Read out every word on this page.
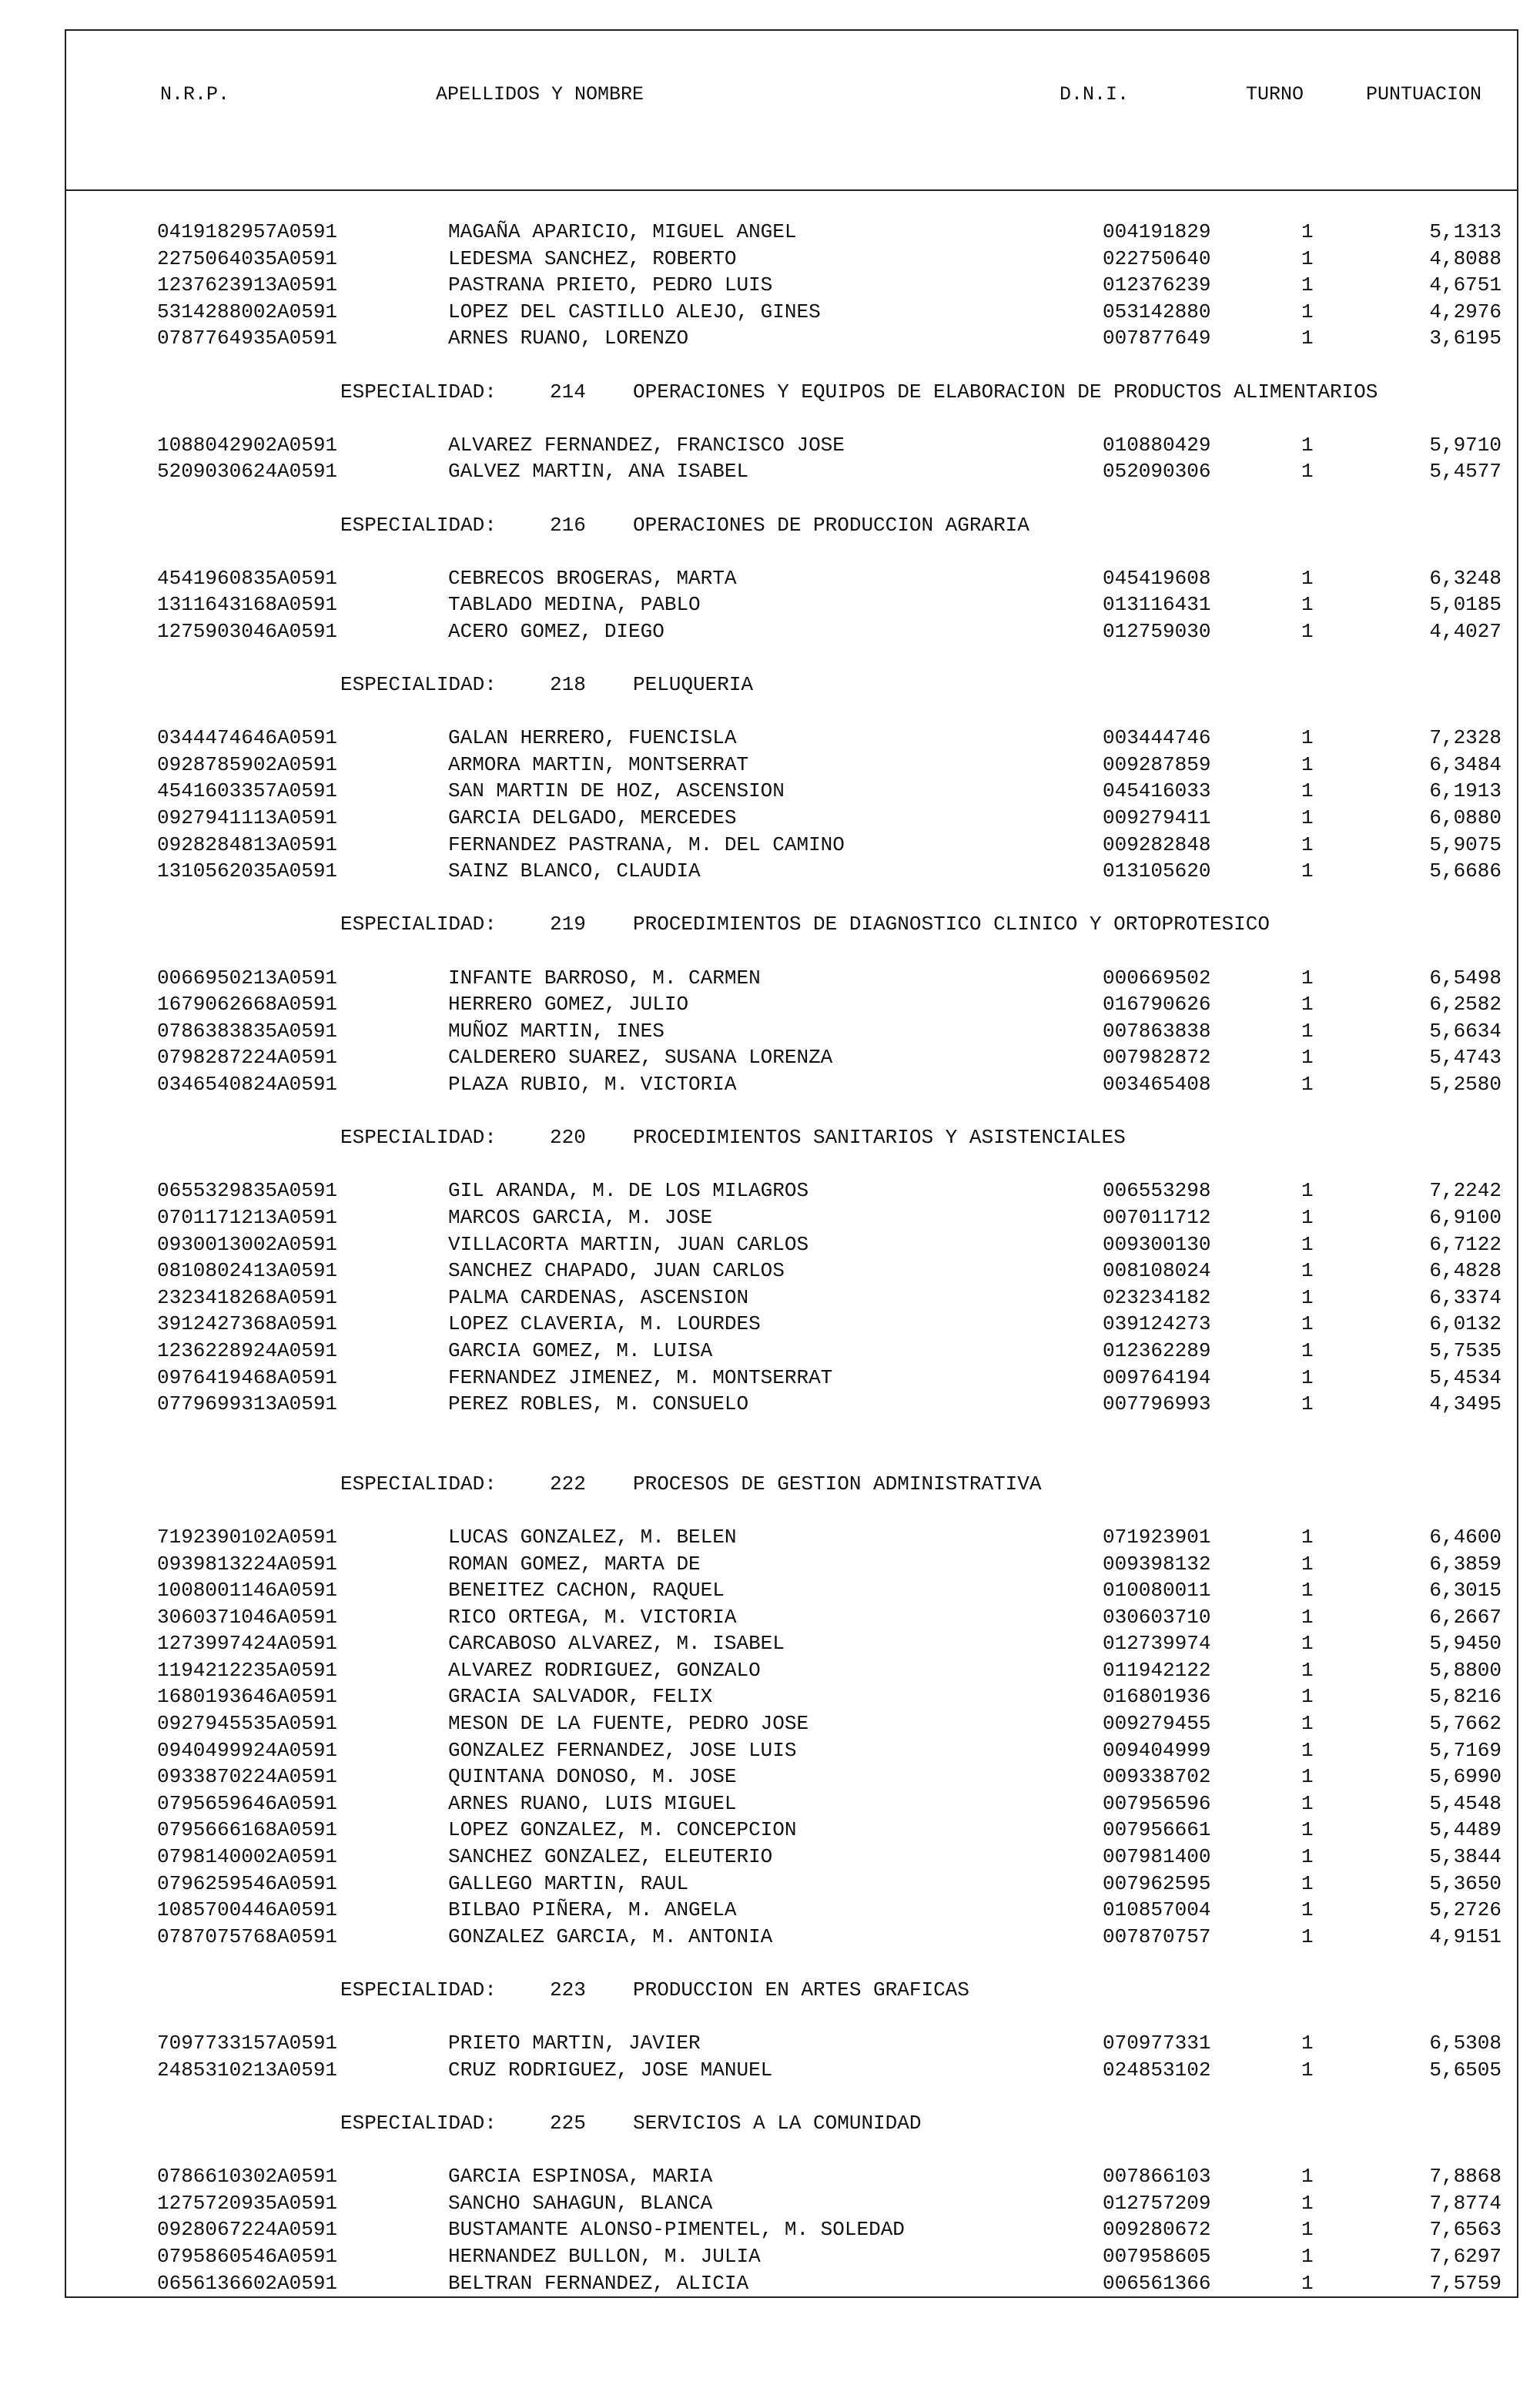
N.R.P.	APELLIDOS Y NOMBRE	D.N.I.	TURNO	PUNTUACION
0419182957A0591	MAGAÑA APARICIO, MIGUEL ANGEL	004191829	1	5,1313
2275064035A0591	LEDESMA SANCHEZ, ROBERTO	022750640	1	4,8088
1237623913A0591	PASTRANA PRIETO, PEDRO LUIS	012376239	1	4,6751
5314288002A0591	LOPEZ DEL CASTILLO ALEJO, GINES	053142880	1	4,2976
0787764935A0591	ARNES RUANO, LORENZO	007877649	1	3,6195
ESPECIALIDAD:	214 OPERACIONES Y EQUIPOS DE ELABORACION DE PRODUCTOS ALIMENTARIOS
1088042902A0591	ALVAREZ FERNANDEZ, FRANCISCO JOSE	010880429	1	5,9710
5209030624A0591	GALVEZ MARTIN, ANA ISABEL	052090306	1	5,4577
ESPECIALIDAD:	216 OPERACIONES DE PRODUCCION AGRARIA
4541960835A0591	CEBRECOS BROGERAS, MARTA	045419608	1	6,3248
1311643168A0591	TABLADO MEDINA, PABLO	013116431	1	5,0185
1275903046A0591	ACERO GOMEZ, DIEGO	012759030	1	4,4027
ESPECIALIDAD:	218 PELUQUERIA
0344474646A0591	GALAN HERRERO, FUENCISLA	003444746	1	7,2328
0928785902A0591	ARMORA MARTIN, MONTSERRAT	009287859	1	6,3484
4541603357A0591	SAN MARTIN DE HOZ, ASCENSION	045416033	1	6,1913
0927941113A0591	GARCIA DELGADO, MERCEDES	009279411	1	6,0880
0928284813A0591	FERNANDEZ PASTRANA, M. DEL CAMINO	009282848	1	5,9075
1310562035A0591	SAINZ BLANCO, CLAUDIA	013105620	1	5,6686
ESPECIALIDAD:	219 PROCEDIMIENTOS DE DIAGNOSTICO CLINICO Y ORTOPROTESICO
0066950213A0591	INFANTE BARROSO, M. CARMEN	000669502	1	6,5498
1679062668A0591	HERRERO GOMEZ, JULIO	016790626	1	6,2582
0786383835A0591	MUÑOZ MARTIN, INES	007863838	1	5,6634
0798287224A0591	CALDERERO SUAREZ, SUSANA LORENZA	007982872	1	5,4743
0346540824A0591	PLAZA RUBIO, M. VICTORIA	003465408	1	5,2580
ESPECIALIDAD:	220 PROCEDIMIENTOS SANITARIOS Y ASISTENCIALES
0655329835A0591	GIL ARANDA, M. DE LOS MILAGROS	006553298	1	7,2242
0701171213A0591	MARCOS GARCIA, M. JOSE	007011712	1	6,9100
0930013002A0591	VILLACORTA MARTIN, JUAN CARLOS	009300130	1	6,7122
0810802413A0591	SANCHEZ CHAPADO, JUAN CARLOS	008108024	1	6,4828
2323418268A0591	PALMA CARDENAS, ASCENSION	023234182	1	6,3374
3912427368A0591	LOPEZ CLAVERIA, M. LOURDES	039124273	1	6,0132
1236228924A0591	GARCIA GOMEZ, M. LUISA	012362289	1	5,7535
0976419468A0591	FERNANDEZ JIMENEZ, M. MONTSERRAT	009764194	1	5,4534
0779699313A0591	PEREZ ROBLES, M. CONSUELO	007796993	1	4,3495
ESPECIALIDAD:	222 PROCESOS DE GESTION ADMINISTRATIVA
7192390102A0591	LUCAS GONZALEZ, M. BELEN	071923901	1	6,4600
0939813224A0591	ROMAN GOMEZ, MARTA DE	009398132	1	6,3859
1008001146A0591	BENEITEZ CACHON, RAQUEL	010080011	1	6,3015
3060371046A0591	RICO ORTEGA, M. VICTORIA	030603710	1	6,2667
1273997424A0591	CARCABOSO ALVAREZ, M. ISABEL	012739974	1	5,9450
1194212235A0591	ALVAREZ RODRIGUEZ, GONZALO	011942122	1	5,8800
1680193646A0591	GRACIA SALVADOR, FELIX	016801936	1	5,8216
0927945535A0591	MESON DE LA FUENTE, PEDRO JOSE	009279455	1	5,7662
0940499924A0591	GONZALEZ FERNANDEZ, JOSE LUIS	009404999	1	5,7169
0933870224A0591	QUINTANA DONOSO, M. JOSE	009338702	1	5,6990
0795659646A0591	ARNES RUANO, LUIS MIGUEL	007956596	1	5,4548
0795666168A0591	LOPEZ GONZALEZ, M. CONCEPCION	007956661	1	5,4489
0798140002A0591	SANCHEZ GONZALEZ, ELEUTERIO	007981400	1	5,3844
0796259546A0591	GALLEGO MARTIN, RAUL	007962595	1	5,3650
1085700446A0591	BILBAO PIÑERA, M. ANGELA	010857004	1	5,2726
0787075768A0591	GONZALEZ GARCIA, M. ANTONIA	007870757	1	4,9151
ESPECIALIDAD:	223 PRODUCCION EN ARTES GRAFICAS
7097733157A0591	PRIETO MARTIN, JAVIER	070977331	1	6,5308
2485310213A0591	CRUZ RODRIGUEZ, JOSE MANUEL	024853102	1	5,6505
ESPECIALIDAD:	225 SERVICIOS A LA COMUNIDAD
0786610302A0591	GARCIA ESPINOSA, MARIA	007866103	1	7,8868
1275720935A0591	SANCHO SAHAGUN, BLANCA	012757209	1	7,8774
0928067224A0591	BUSTAMANTE ALONSO-PIMENTEL, M. SOLEDAD	009280672	1	7,6563
0795860546A0591	HERNANDEZ BULLON, M. JULIA	007958605	1	7,6297
0656136602A0591	BELTRAN FERNANDEZ, ALICIA	006561366	1	7,5759
